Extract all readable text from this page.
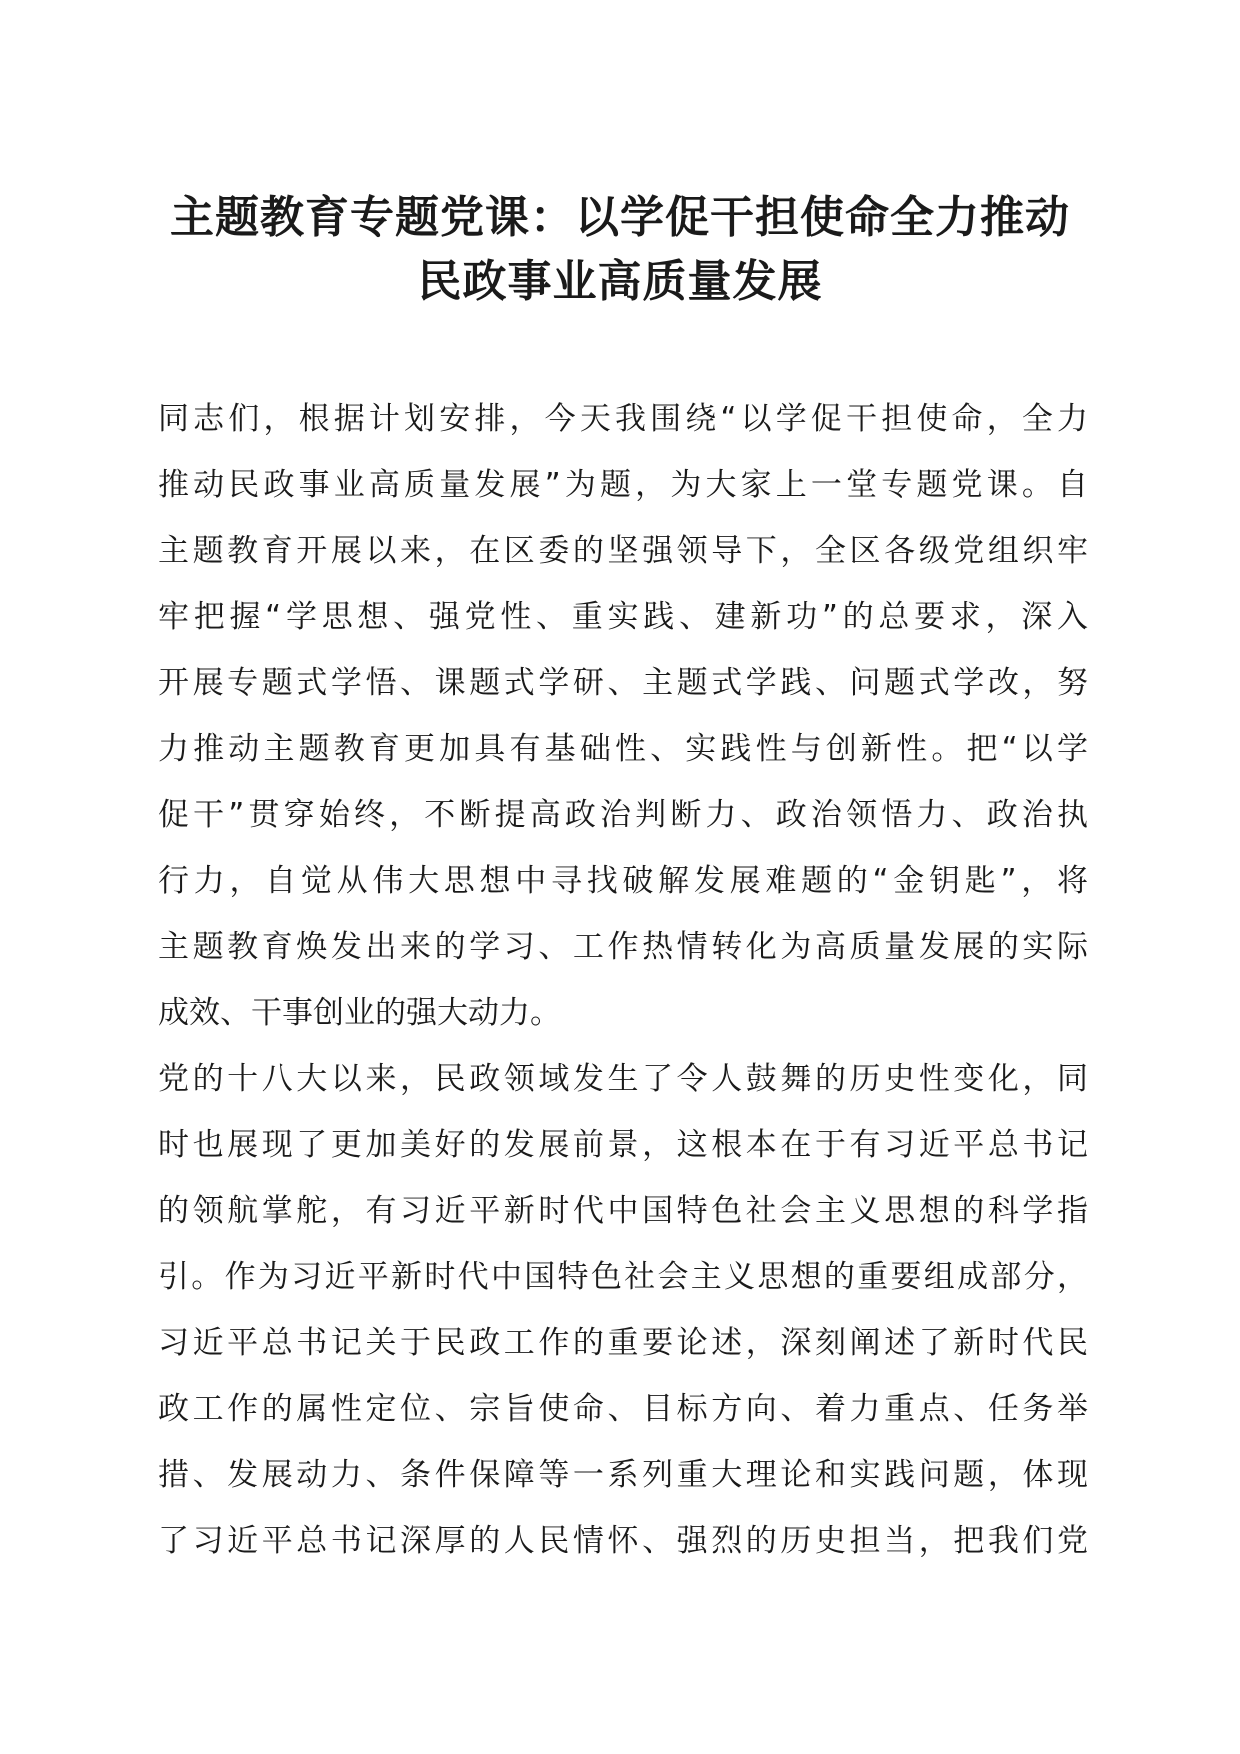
主题教育专题党课：以学促干担使命全力推动
民政事业高质量发展

同志们，根据计划安排，今天我围绕“以学促干担使命，全力
推动民政事业高质量发展”为题，为大家上一堂专题党课。自
主题教育开展以来，在区委的坚强领导下，全区各级党组织牢
牢把握“学思想、强党性、重实践、建新功”的总要求，深入
开展专题式学悟、课题式学研、主题式学践、问题式学改，努
力推动主题教育更加具有基础性、实践性与创新性。把“以学
促干”贯穿始终，不断提高政治判断力、政治领悟力、政治执
行力，自觉从伟大思想中寻找破解发展难题的“金钥匙”，将
主题教育焕发出来的学习、工作热情转化为高质量发展的实际
成效、干事创业的强大动力。

党的十八大以来，民政领域发生了令人鼓舞的历史性变化，同
时也展现了更加美好的发展前景，这根本在于有习近平总书记
的领航掌舵，有习近平新时代中国特色社会主义思想的科学指
引。作为习近平新时代中国特色社会主义思想的重要组成部分，
习近平总书记关于民政工作的重要论述，深刻阐述了新时代民
政工作的属性定位、宗旨使命、目标方向、着力重点、任务举
措、发展动力、条件保障等一系列重大理论和实践问题，体现
了习近平总书记深厚的人民情怀、强烈的历史担当，把我们党
